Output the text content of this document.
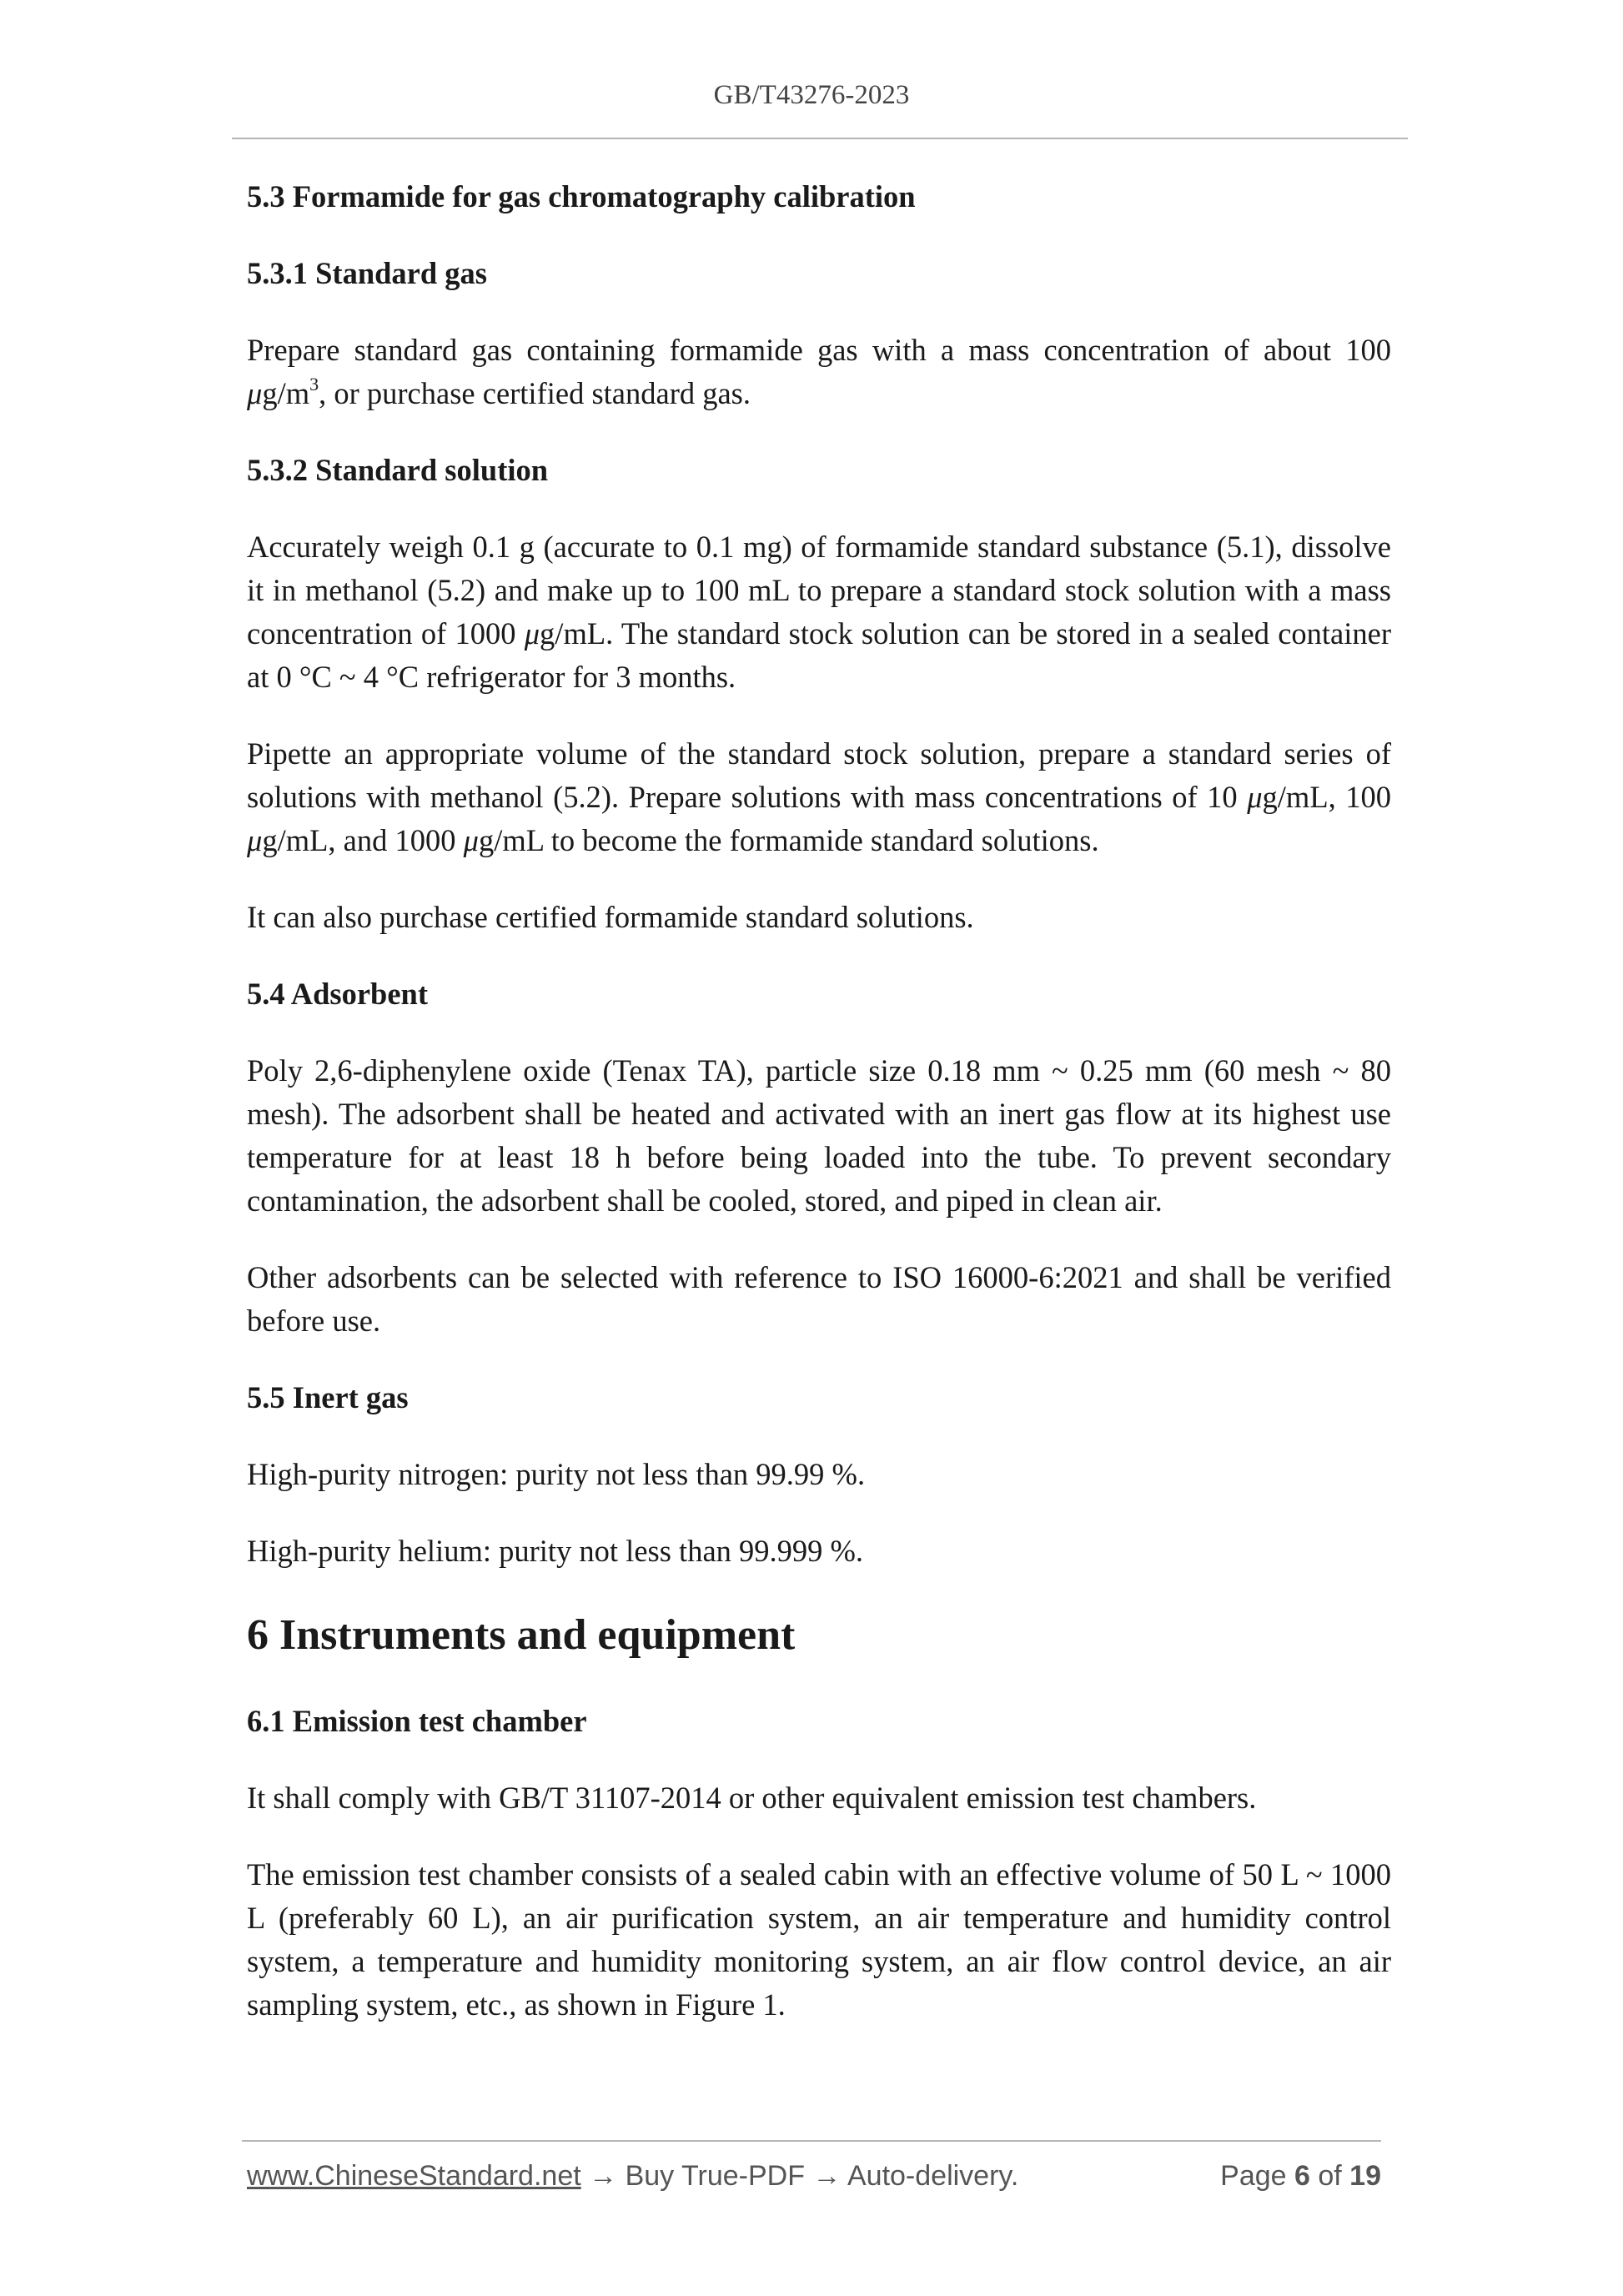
GB/T43276-2023
5.3 Formamide for gas chromatography calibration
5.3.1 Standard gas
Prepare standard gas containing formamide gas with a mass concentration of about 100 $\mu g/m^3$, or purchase certified standard gas.
5.3.2 Standard solution
Accurately weigh 0.1 g (accurate to 0.1 mg) of formamide standard substance (5.1), dissolve it in methanol (5.2) and make up to 100 mL to prepare a standard stock solution with a mass concentration of 1000 μg/mL. The standard stock solution can be stored in a sealed container at 0 °C ~ 4 °C refrigerator for 3 months.
Pipette an appropriate volume of the standard stock solution, prepare a standard series of solutions with methanol (5.2). Prepare solutions with mass concentrations of 10 μg/mL, 100 μg/mL, and 1000 μg/mL to become the formamide standard solutions.
It can also purchase certified formamide standard solutions.
5.4 Adsorbent
Poly 2,6-diphenylene oxide (Tenax TA), particle size 0.18 mm ~ 0.25 mm (60 mesh ~ 80 mesh). The adsorbent shall be heated and activated with an inert gas flow at its highest use temperature for at least 18 h before being loaded into the tube. To prevent secondary contamination, the adsorbent shall be cooled, stored, and piped in clean air.
Other adsorbents can be selected with reference to ISO 16000-6:2021 and shall be verified before use.
5.5 Inert gas
High-purity nitrogen: purity not less than 99.99 %.
High-purity helium: purity not less than 99.999 %.
6 Instruments and equipment
6.1 Emission test chamber
It shall comply with GB/T 31107-2014 or other equivalent emission test chambers.
The emission test chamber consists of a sealed cabin with an effective volume of 50 L ~ 1000 L (preferably 60 L), an air purification system, an air temperature and humidity control system, a temperature and humidity monitoring system, an air flow control device, an air sampling system, etc., as shown in Figure 1.
www.ChineseStandard.net → Buy True-PDF → Auto-delivery.	Page 6 of 19
